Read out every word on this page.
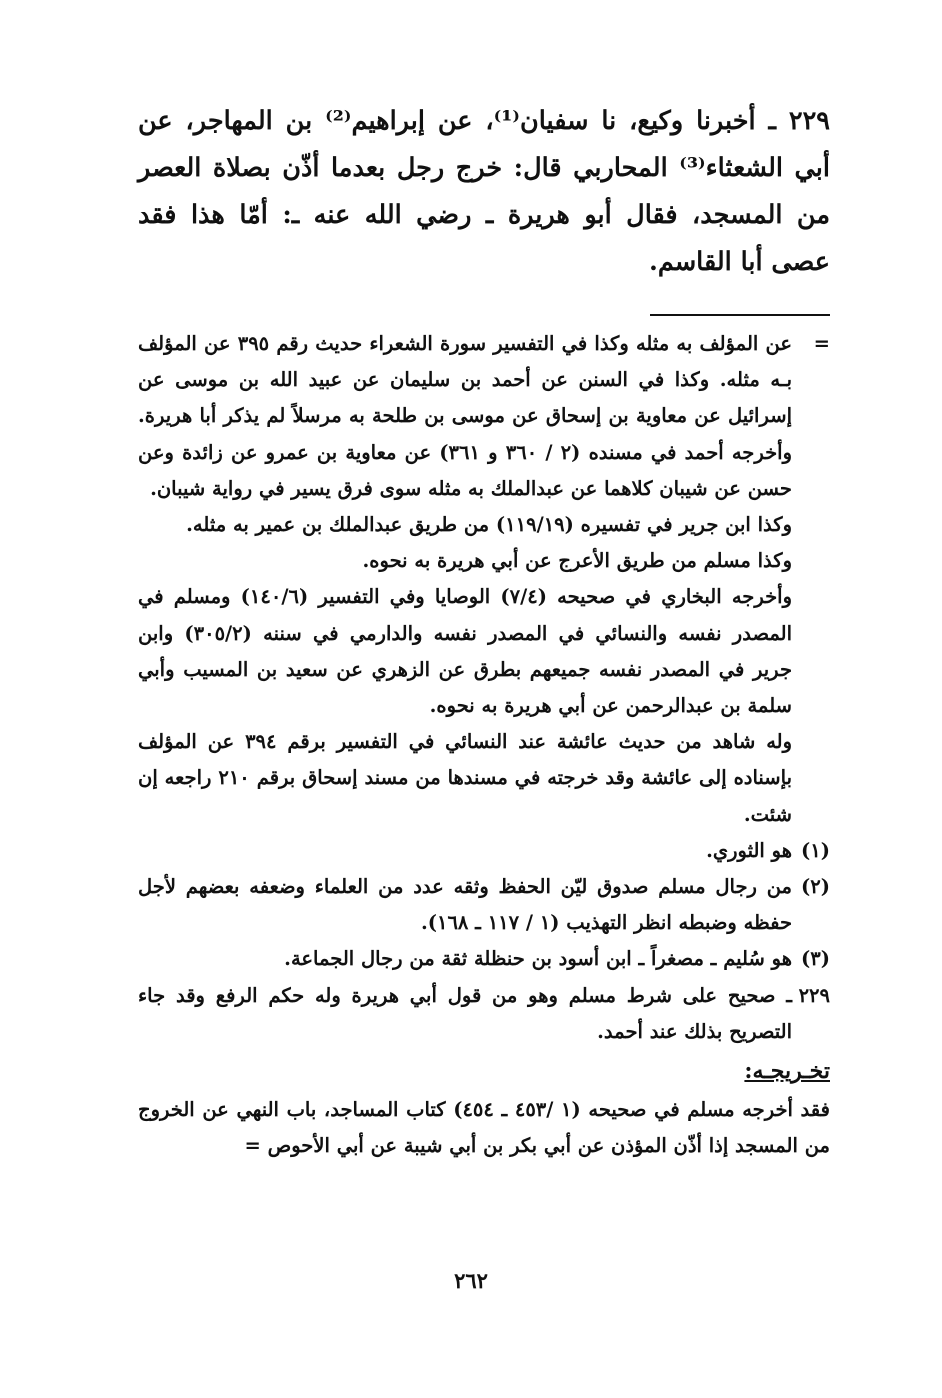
٢٢٩ ـ أخبرنا وكيع، نا سفيان⁽¹⁾، عن إبراهيم⁽²⁾ بن المهاجر، عن أبي الشعثاء⁽³⁾ المحاربي قال: خرج رجل بعدما أذّن بصلاة العصر من المسجد، فقال أبو هريرة ـ رضي الله عنه ـ: أمّا هذا فقد عصى أبا القاسم.

=

عن المؤلف به مثله وكذا في التفسير سورة الشعراء حديث رقم ٣٩٥ عن المؤلف بـه مثله. وكذا في السنن عن أحمد بن سليمان عن عبيد الله بن موسى عن إسرائيل عن معاوية بن إسحاق عن موسى بن طلحة به مرسلاً لم يذكر أبا هريرة. وأخرجه أحمد في مسنده (٢ / ٣٦٠ و ٣٦١) عن معاوية بن عمرو عن زائدة وعن حسن عن شيبان كلاهما عن عبدالملك به مثله سوى فرق يسير في رواية شيبان.

وكذا ابن جرير في تفسيره (١١٩/١٩) من طريق عبدالملك بن عمير به مثله.

وكذا مسلم من طريق الأعرج عن أبي هريرة به نحوه.

وأخرجه البخاري في صحيحه (٧/٤) الوصايا وفي التفسير (١٤٠/٦) ومسلم في المصدر نفسه والنسائي في المصدر نفسه والدارمي في سننه (٣٠٥/٢) وابن جرير في المصدر نفسه جميعهم بطرق عن الزهري عن سعيد بن المسيب وأبي سلمة بن عبدالرحمن عن أبي هريرة به نحوه.

وله شاهد من حديث عائشة عند النسائي في التفسير برقم ٣٩٤ عن المؤلف بإسناده إلى عائشة وقد خرجته في مسندها من مسند إسحاق برقم ٢١٠ راجعه إن شئت.

(١)
هو الثوري.
(٢)
من رجال مسلم صدوق ليّن الحفظ وثقه عدد من العلماء وضعفه بعضهم لأجل حفظه وضبطه انظر التهذيب (١ / ١١٧ ـ ١٦٨).
(٣)
هو سُليم ـ مصغراً ـ ابن أسود بن حنظلة ثقة من رجال الجماعة.
٢٢٩
ـ صحيح على شرط مسلم وهو من قول أبي هريرة وله حكم الرفع وقد جاء التصريح بذلك عند أحمد.
تخـريجـه:

فقد أخرجه مسلم في صحيحه (١ /٤٥٣ ـ ٤٥٤) كتاب المساجد، باب النهي عن الخروج من المسجد إذا أذّن المؤذن عن أبي بكر بن أبي شيبة عن أبي الأحوص =

٢٦٢
